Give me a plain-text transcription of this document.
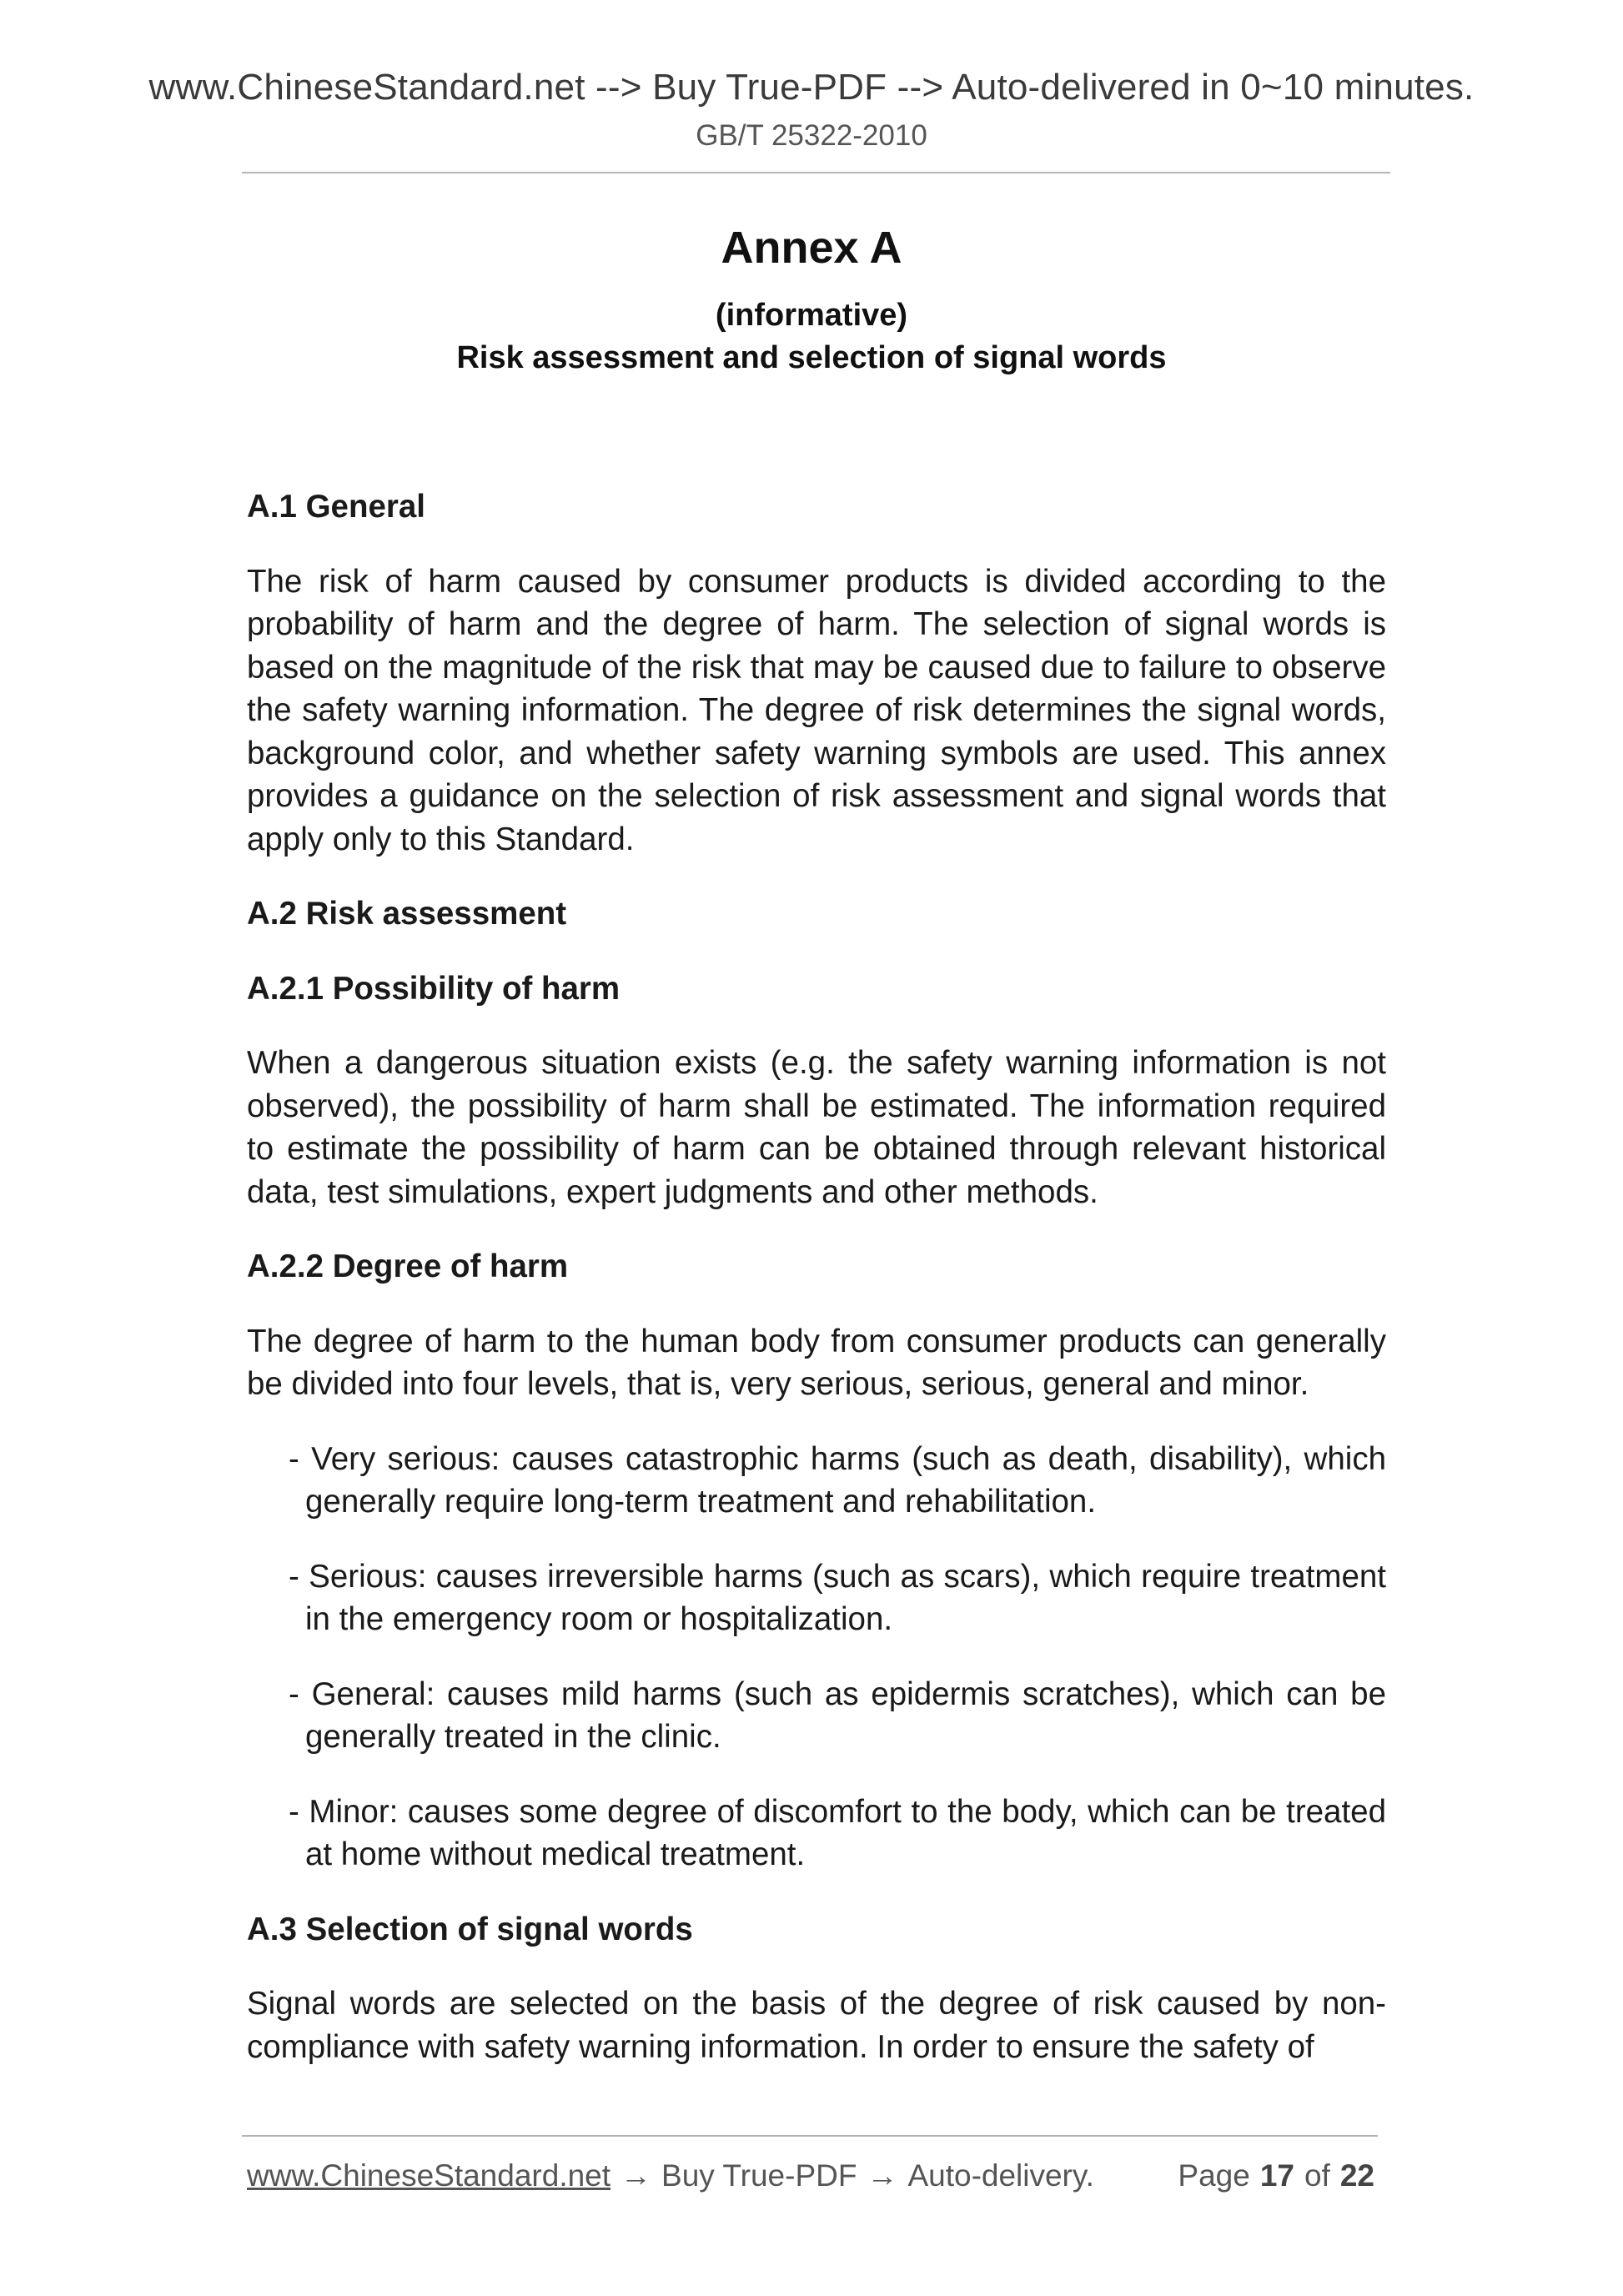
www.ChineseStandard.net --> Buy True-PDF --> Auto-delivered in 0~10 minutes.
GB/T 25322-2010
Annex A
(informative)
Risk assessment and selection of signal words
A.1 General
The risk of harm caused by consumer products is divided according to the probability of harm and the degree of harm. The selection of signal words is based on the magnitude of the risk that may be caused due to failure to observe the safety warning information. The degree of risk determines the signal words, background color, and whether safety warning symbols are used. This annex provides a guidance on the selection of risk assessment and signal words that apply only to this Standard.
A.2 Risk assessment
A.2.1 Possibility of harm
When a dangerous situation exists (e.g. the safety warning information is not observed), the possibility of harm shall be estimated. The information required to estimate the possibility of harm can be obtained through relevant historical data, test simulations, expert judgments and other methods.
A.2.2 Degree of harm
The degree of harm to the human body from consumer products can generally be divided into four levels, that is, very serious, serious, general and minor.
- Very serious: causes catastrophic harms (such as death, disability), which generally require long-term treatment and rehabilitation.
- Serious: causes irreversible harms (such as scars), which require treatment in the emergency room or hospitalization.
- General: causes mild harms (such as epidermis scratches), which can be generally treated in the clinic.
- Minor: causes some degree of discomfort to the body, which can be treated at home without medical treatment.
A.3 Selection of signal words
Signal words are selected on the basis of the degree of risk caused by non-compliance with safety warning information. In order to ensure the safety of
www.ChineseStandard.net → Buy True-PDF → Auto-delivery.	Page 17 of 22
